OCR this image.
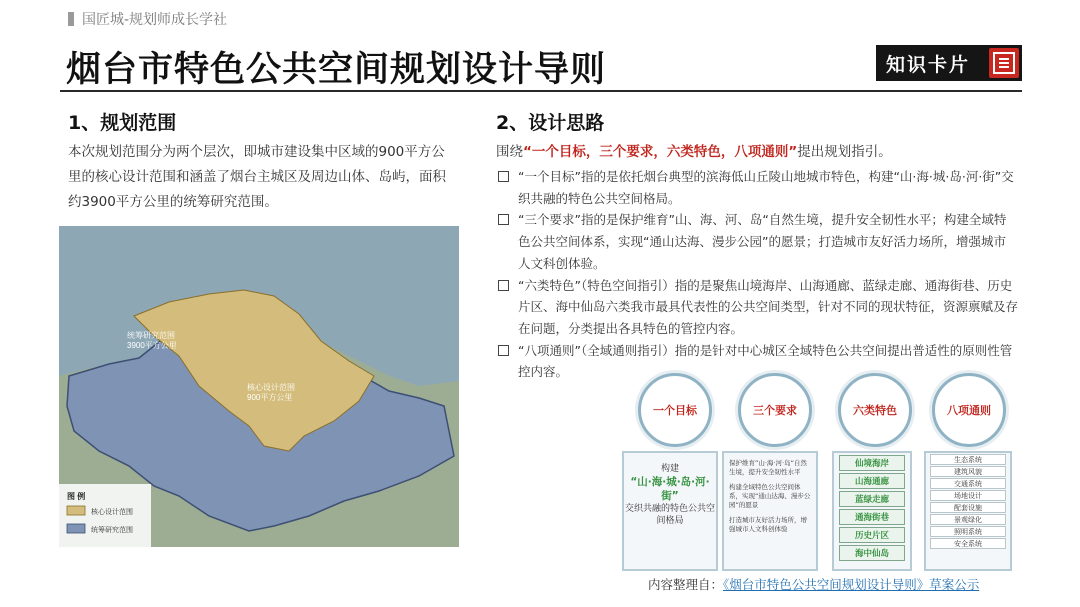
国匠城-规划师成长学社
烟台市特色公共空间规划设计导则	知识卡片
1、规划范围
本次规划范围分为两个层次，即城市建设集中区域的900平方公里的核心设计范围和涵盖了烟台主城区及周边山体、岛屿，面积约3900平方公里的统筹研究范围。
统筹研究范围
3900平方公里
核心设计范围
900平方公里
图 例
核心设计范围
统筹研究范围
2、设计思路
围绕“一个目标，三个要求，六类特色，八项通则”提出规划指引。
“一个目标”指的是依托烟台典型的滨海低山丘陵山地城市特色，构建“山·海·城·岛·河·街”交织共融的特色公共空间格局。
“三个要求”指的是保护维育”山、海、河、岛“自然生境，提升安全韧性水平；构建全域特色公共空间体系，实现“通山达海、漫步公园”的愿景；打造城市友好活力场所，增强城市人文科创体验。
“六类特色”（特色空间指引）指的是聚焦山境海岸、山海通廊、蓝绿走廊、通海街巷、历史片区、海中仙岛六类我市最具代表性的公共空间类型，针对不同的现状特征，资源禀赋及存在问题，分类提出各具特色的管控内容。
“八项通则”（全域通则指引）指的是针对中心城区全域特色公共空间提出普适性的原则性管控内容。
一个目标	三个要求	六类特色	八项通则
构建
“山·海·城·岛·河·街”
交织共融的特色公共空间格局
保护维育”山·海·河·岛“自然生境，提升安全韧性水平
构建全域特色公共空间体系，实现“通山达海、漫步公园”的愿景
打造城市友好活力场所，增强城市人文科创体验
仙境海岸
山海通廊
蓝绿走廊
通海街巷
历史片区
海中仙岛
生态系统
建筑风貌
交通系统
场地设计
配套设施
景观绿化
照明系统
安全系统
内容整理自：《烟台市特色公共空间规划设计导则》草案公示
